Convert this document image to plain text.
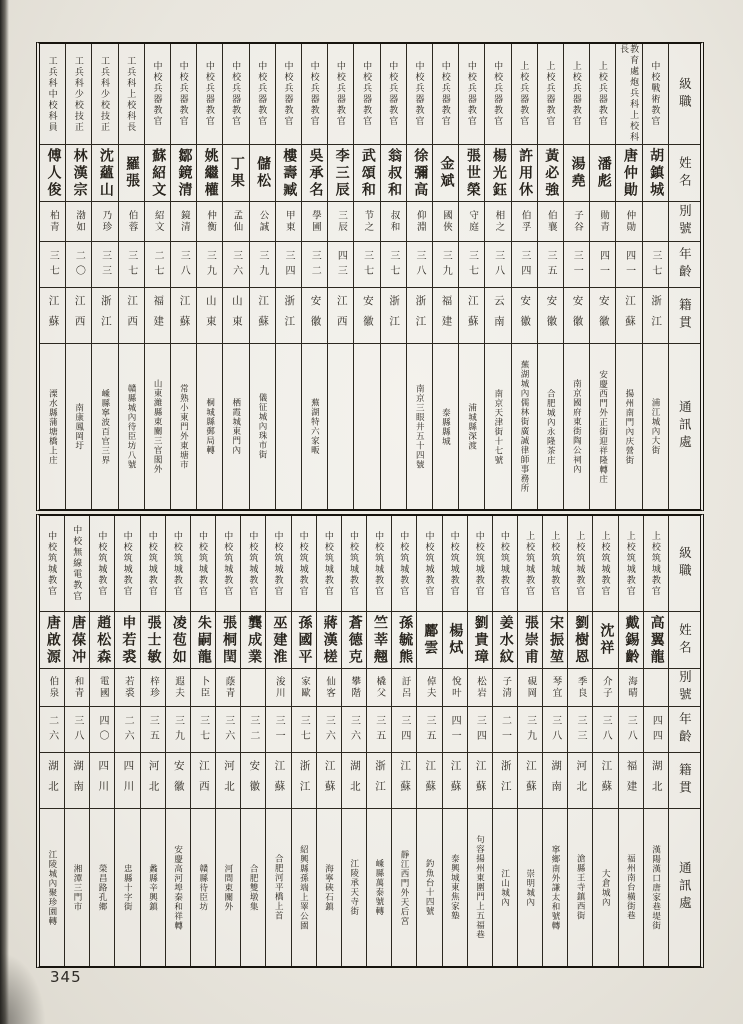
工兵科中校科員
傅人俊
柏青
三七
江蘇
溧水縣蒲塘橋上庄
工兵科少校技正
林漢宗
渤如
二〇
江西
南康鳳岡圩
工兵科少校技正
沈蘊山
乃珍
三三
浙江
嵊縣寧波百官三界
工兵科上校科長
羅張
伯蓉
三七
江西
贛縣城內待臣坊八號
中校兵器教官
蘇紹文
紹文
二七
福建
山東濰縣東關三官閣外
中校兵器教官
鄒鏡清
鏡清
三八
江蘇
常熟小東門外東塘市
中校兵器教官
姚繼權
仲衡
三九
山東
桐城縣郵局轉
中校兵器教官
丁果
孟仙
三六
山東
栖霞城東門內
中校兵器教官
儲松
公誠
三九
江蘇
儀征城內珠市街
中校兵器教官
樓壽臧
甲東
三四
浙江
中校兵器教官
吳承名
學圃
三二
安徽
蕪湖特六家畈
中校兵器教官
李三辰
三辰
四三
江西
中校兵器教官
武頌和
节之
三七
安徽
中校兵器教官
翁叔和
叔和
三七
浙江
中校兵器教官
徐彌高
仰淵
三八
浙江
南京三眼井五十四號
中校兵器教官
金斌
國俠
三九
福建
泰縣縣城
中校兵器教官
張世榮
守庭
三七
江蘇
浦城縣深渡
中校兵器教官
楊光鈺
相之
三八
云南
南京天津街十七號
上校兵器教官
許用休
伯孚
三四
安徽
蕪湖城內儒林街廣誠律師事務所
上校兵器教官
黃必強
伯襄
三五
安徽
合肥城內永隆茶庄
上校兵器教官
湯堯
子谷
三一
安徽
南京國府東街陶公祠內
上校兵器教官
潘彪
勛青
四一
安徽
安慶西門外正街迎祥隆轉庄
教育處炮兵科上校科長
唐仲勛
仲勛
四一
江蘇
揚州南門內庆營街
中校戰術教官
胡鎮城
三七
浙江
浦江城內大街
級職
姓名
別號
年齡
籍貫
通訊處
中校筑城教官
唐啟源
伯泉
二六
湖北
江陵城內聚珍園轉
中校無線電教官
唐葆冲
和青
三八
湖南
湘潭三門市
中校筑城教官
趙松森
電國
四〇
四川
榮昌路孔鄉
中校筑城教官
申若裘
若裘
二六
四川
忠縣十字街
中校筑城教官
張士敏
梓珍
三五
河北
蠡縣辛興鎮
中校筑城教官
凌苞如
遐夫
三九
安徽
安慶高河埠秦和祥轉
中校筑城教官
朱嗣龍
卜臣
三七
江西
贛縣待臣坊
中校筑城教官
張桐閏
蔭青
三六
河北
河間東關外
中校筑城教官
龔成業
三二
安徽
合肥雙墩集
中校筑城教官
巫建淮
浚川
三一
江蘇
合肥河平橋上首
中校筑城教官
孫國平
家歐
三七
浙江
紹興縣孫端上睪公園
中校筑城教官
蔣漢槎
仙客
三六
江蘇
海寧硤石鎮
中校筑城教官
蒼德克
攀階
三六
湖北
江陵承天寺街
中校筑城教官
竺莘翹
橇父
三五
浙江
嵊縣萬泰號轉
中校筑城教官
孫毓熊
訏呂
三四
江蘇
靜江西門外天后宮
中校筑城教官
酈雲
倬夫
三五
江蘇
釣魚台十四號
中校筑城教官
楊烒
悅叶
四一
江蘇
泰興城東焦家塾
中校筑城教官
劉貴璋
松岩
三四
江蘇
句容揚州東圍門上五福巷
中校筑城教官
姜水紋
子清
二一
浙江
江山城內
上校筑城教官
張崇甫
硯岡
三九
江蘇
崇明城內
上校筑城教官
宋振堃
琴宜
三八
湖南
寧鄉南外謙太和號轉
上校筑城教官
劉樹恩
季良
三三
河北
滄縣王寺鎮西街
上校筑城教官
沈祥
介子
三八
江蘇
大倉城內
上校筑城教官
戴錫齡
海晴
三八
福建
福州南台橫街巷
上校筑城教官
高翼龍
四四
湖北
漢陽漢口唐家巷堤街
級職
姓名
別號
年齡
籍貫
通訊處
345
